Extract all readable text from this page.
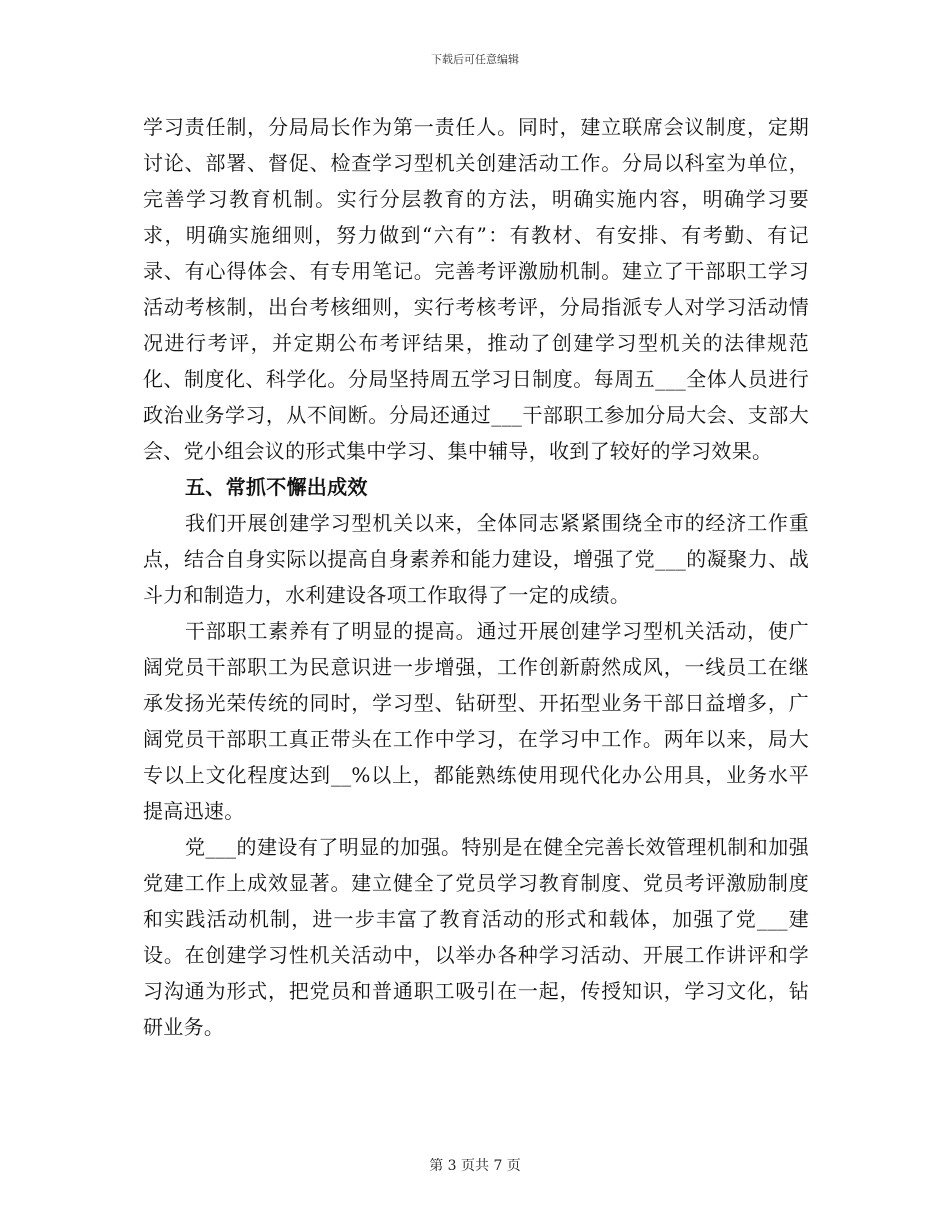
下载后可任意编辑

学习责任制，分局局长作为第一责任人。同时，建立联席会议制度，定期讨论、部署、督促、检查学习型机关创建活动工作。分局以科室为单位，完善学习教育机制。实行分层教育的方法，明确实施内容，明确学习要求，明确实施细则，努力做到“六有”：有教材、有安排、有考勤、有记录、有心得体会、有专用笔记。完善考评激励机制。建立了干部职工学习活动考核制，出台考核细则，实行考核考评，分局指派专人对学习活动情况进行考评，并定期公布考评结果，推动了创建学习型机关的法律规范化、制度化、科学化。分局坚持周五学习日制度。每周五___全体人员进行政治业务学习，从不间断。分局还通过___干部职工参加分局大会、支部大会、党小组会议的形式集中学习、集中辅导，收到了较好的学习效果。

五、常抓不懈出成效

我们开展创建学习型机关以来，全体同志紧紧围绕全市的经济工作重点，结合自身实际以提高自身素养和能力建设，增强了党___的凝聚力、战斗力和制造力，水利建设各项工作取得了一定的成绩。

干部职工素养有了明显的提高。通过开展创建学习型机关活动，使广阔党员干部职工为民意识进一步增强，工作创新蔚然成风，一线员工在继承发扬光荣传统的同时，学习型、钻研型、开拓型业务干部日益增多，广阔党员干部职工真正带头在工作中学习，在学习中工作。两年以来，局大专以上文化程度达到__%以上，都能熟练使用现代化办公用具，业务水平提高迅速。

党___的建设有了明显的加强。特别是在健全完善长效管理机制和加强党建工作上成效显著。建立健全了党员学习教育制度、党员考评激励制度和实践活动机制，进一步丰富了教育活动的形式和载体，加强了党___建设。在创建学习性机关活动中，以举办各种学习活动、开展工作讲评和学习沟通为形式，把党员和普通职工吸引在一起，传授知识，学习文化，钻研业务。

第 3 页共 7 页
